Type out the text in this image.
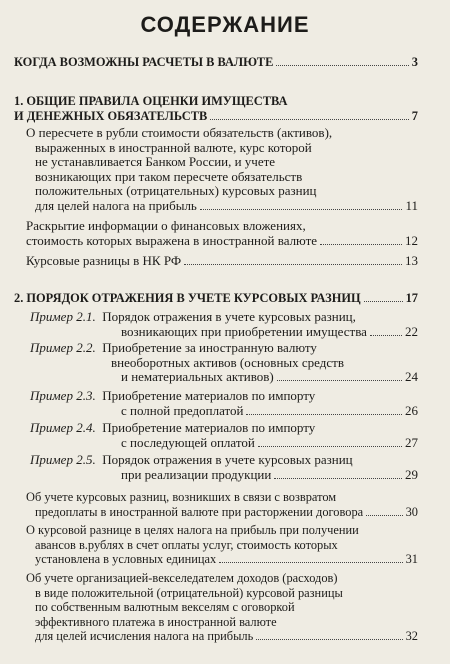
СОДЕРЖАНИЕ
КОГДА ВОЗМОЖНЫ РАСЧЕТЫ В ВАЛЮТЕ	3
1. ОБЩИЕ ПРАВИЛА ОЦЕНКИ ИМУЩЕСТВА
И ДЕНЕЖНЫХ ОБЯЗАТЕЛЬСТВ	7
О пересчете в рубли стоимости обязательств (активов),
выраженных в иностранной валюте, курс которой
не устанавливается Банком России, и учете
возникающих при таком пересчете обязательств
положительных (отрицательных) курсовых разниц
для целей налога на прибыль	11
Раскрытие информации о финансовых вложениях,
стоимость которых выражена в иностранной валюте	12
Курсовые разницы в НК РФ	13
2. ПОРЯДОК ОТРАЖЕНИЯ В УЧЕТЕ КУРСОВЫХ РАЗНИЦ	17
Пример 2.1. Порядок отражения в учете курсовых разниц,
возникающих при приобретении имущества	22
Пример 2.2. Приобретение за иностранную валюту
внеоборотных активов (основных средств
и нематериальных активов)	24
Пример 2.3. Приобретение материалов по импорту
с полной предоплатой	26
Пример 2.4. Приобретение материалов по импорту
с последующей оплатой	27
Пример 2.5. Порядок отражения в учете курсовых разниц
при реализации продукции	29
Об учете курсовых разниц, возникших в связи с возвратом
предоплаты в иностранной валюте при расторжении договора	30
О курсовой разнице в целях налога на прибыль при получении
авансов в.рублях в счет оплаты услуг, стоимость которых
установлена в условных единицах	31
Об учете организацией-векселедателем доходов (расходов)
в виде положительной (отрицательной) курсовой разницы
по собственным валютным векселям с оговоркой
эффективного платежа в иностранной валюте
для целей исчисления налога на прибыль	32
